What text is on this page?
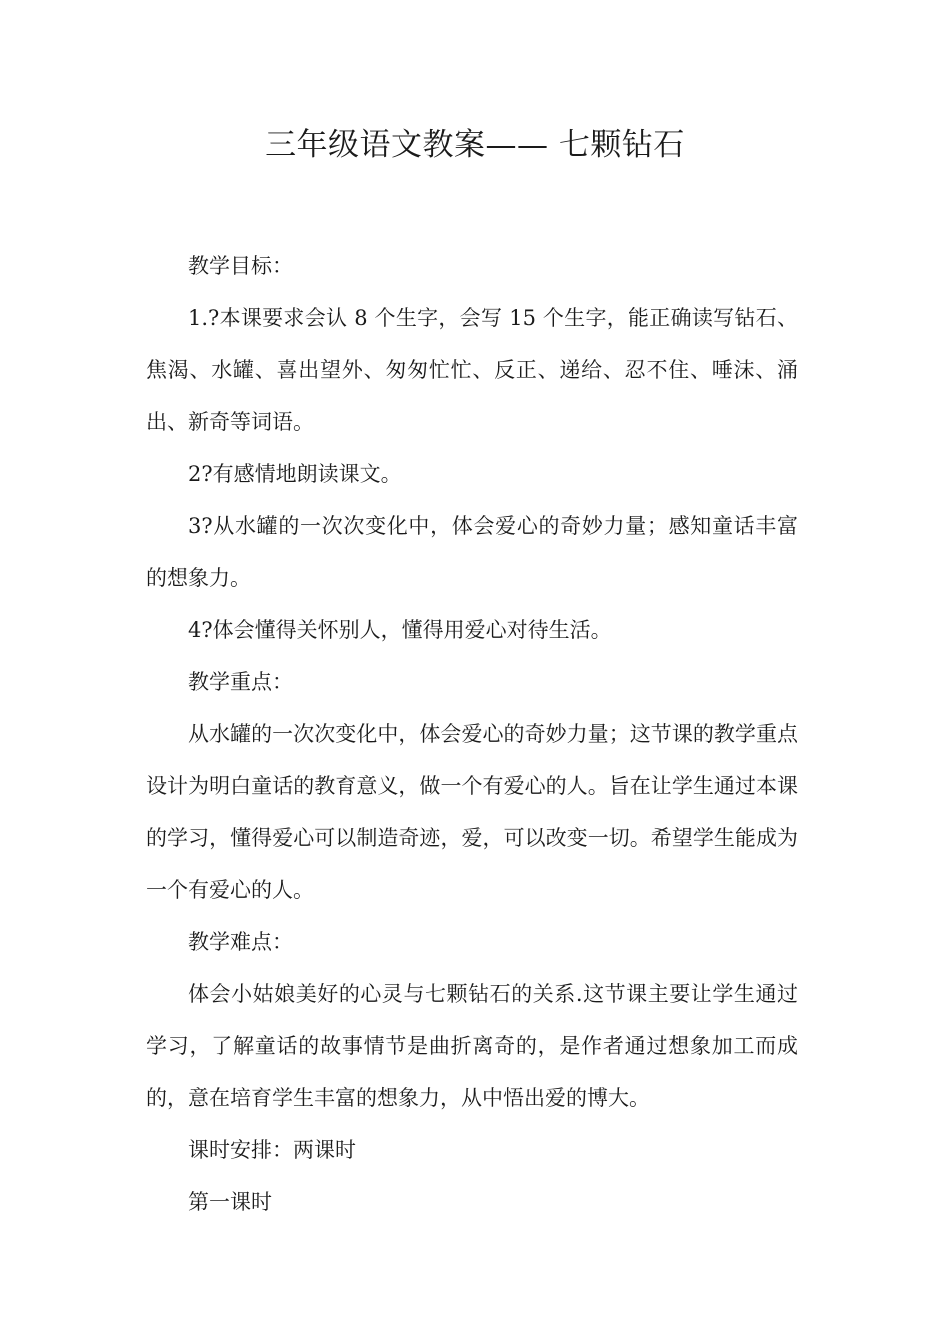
三年级语文教案—— 七颗钻石

教学目标：

1.?本课要求会认 8 个生字，会写 15 个生字，能正确读写钻石、焦渴、水罐、喜出望外、匆匆忙忙、反正、递给、忍不住、唾沫、涌出、新奇等词语。

2?有感情地朗读课文。

3?从水罐的一次次变化中，体会爱心的奇妙力量；感知童话丰富的想象力。

4?体会懂得关怀别人，懂得用爱心对待生活。

教学重点：

从水罐的一次次变化中，体会爱心的奇妙力量；这节课的教学重点设计为明白童话的教育意义，做一个有爱心的人。旨在让学生通过本课的学习，懂得爱心可以制造奇迹，爱，可以改变一切。希望学生能成为一个有爱心的人。

教学难点：

体会小姑娘美好的心灵与七颗钻石的关系.这节课主要让学生通过学习，了解童话的故事情节是曲折离奇的，是作者通过想象加工而成的，意在培育学生丰富的想象力，从中悟出爱的博大。

课时安排：两课时

第一课时
